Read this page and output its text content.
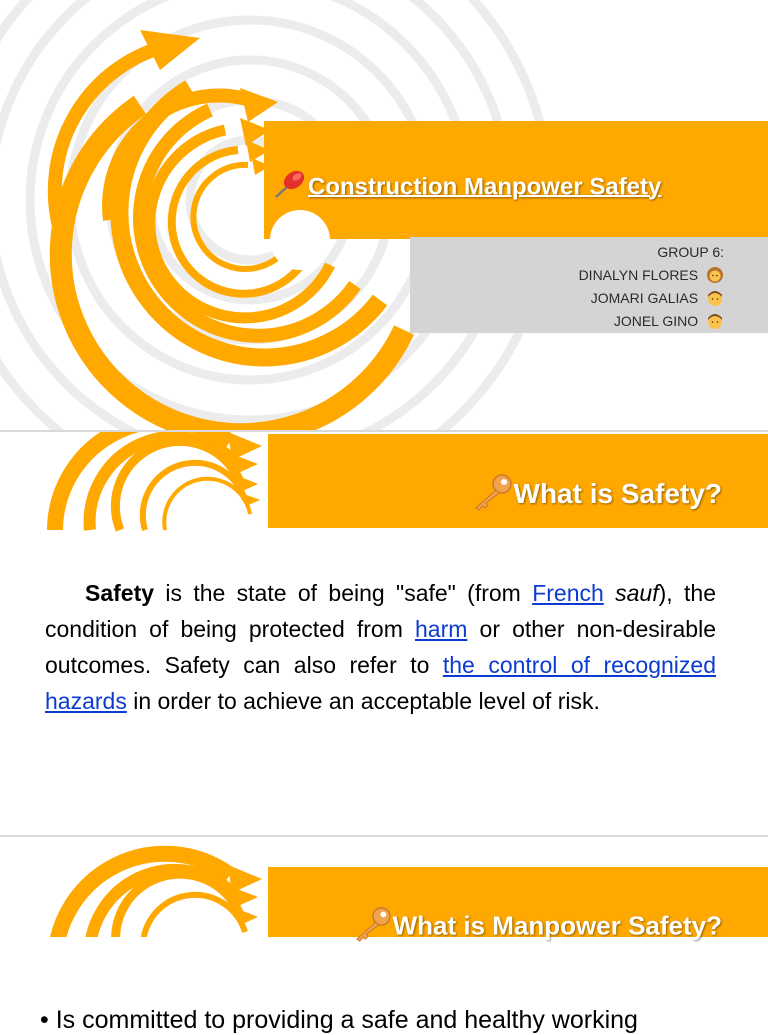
Construction Manpower Safety
GROUP 6:
DINALYN FLORES
JOMARI GALIAS
JONEL GINO
What is Safety?
Safety is the state of being "safe" (from French sauf), the condition of being protected from harm or other non-desirable outcomes. Safety can also refer to the control of recognized hazards in order to achieve an acceptable level of risk.
What is Manpower Safety?
• Is committed to providing a safe and healthy working
